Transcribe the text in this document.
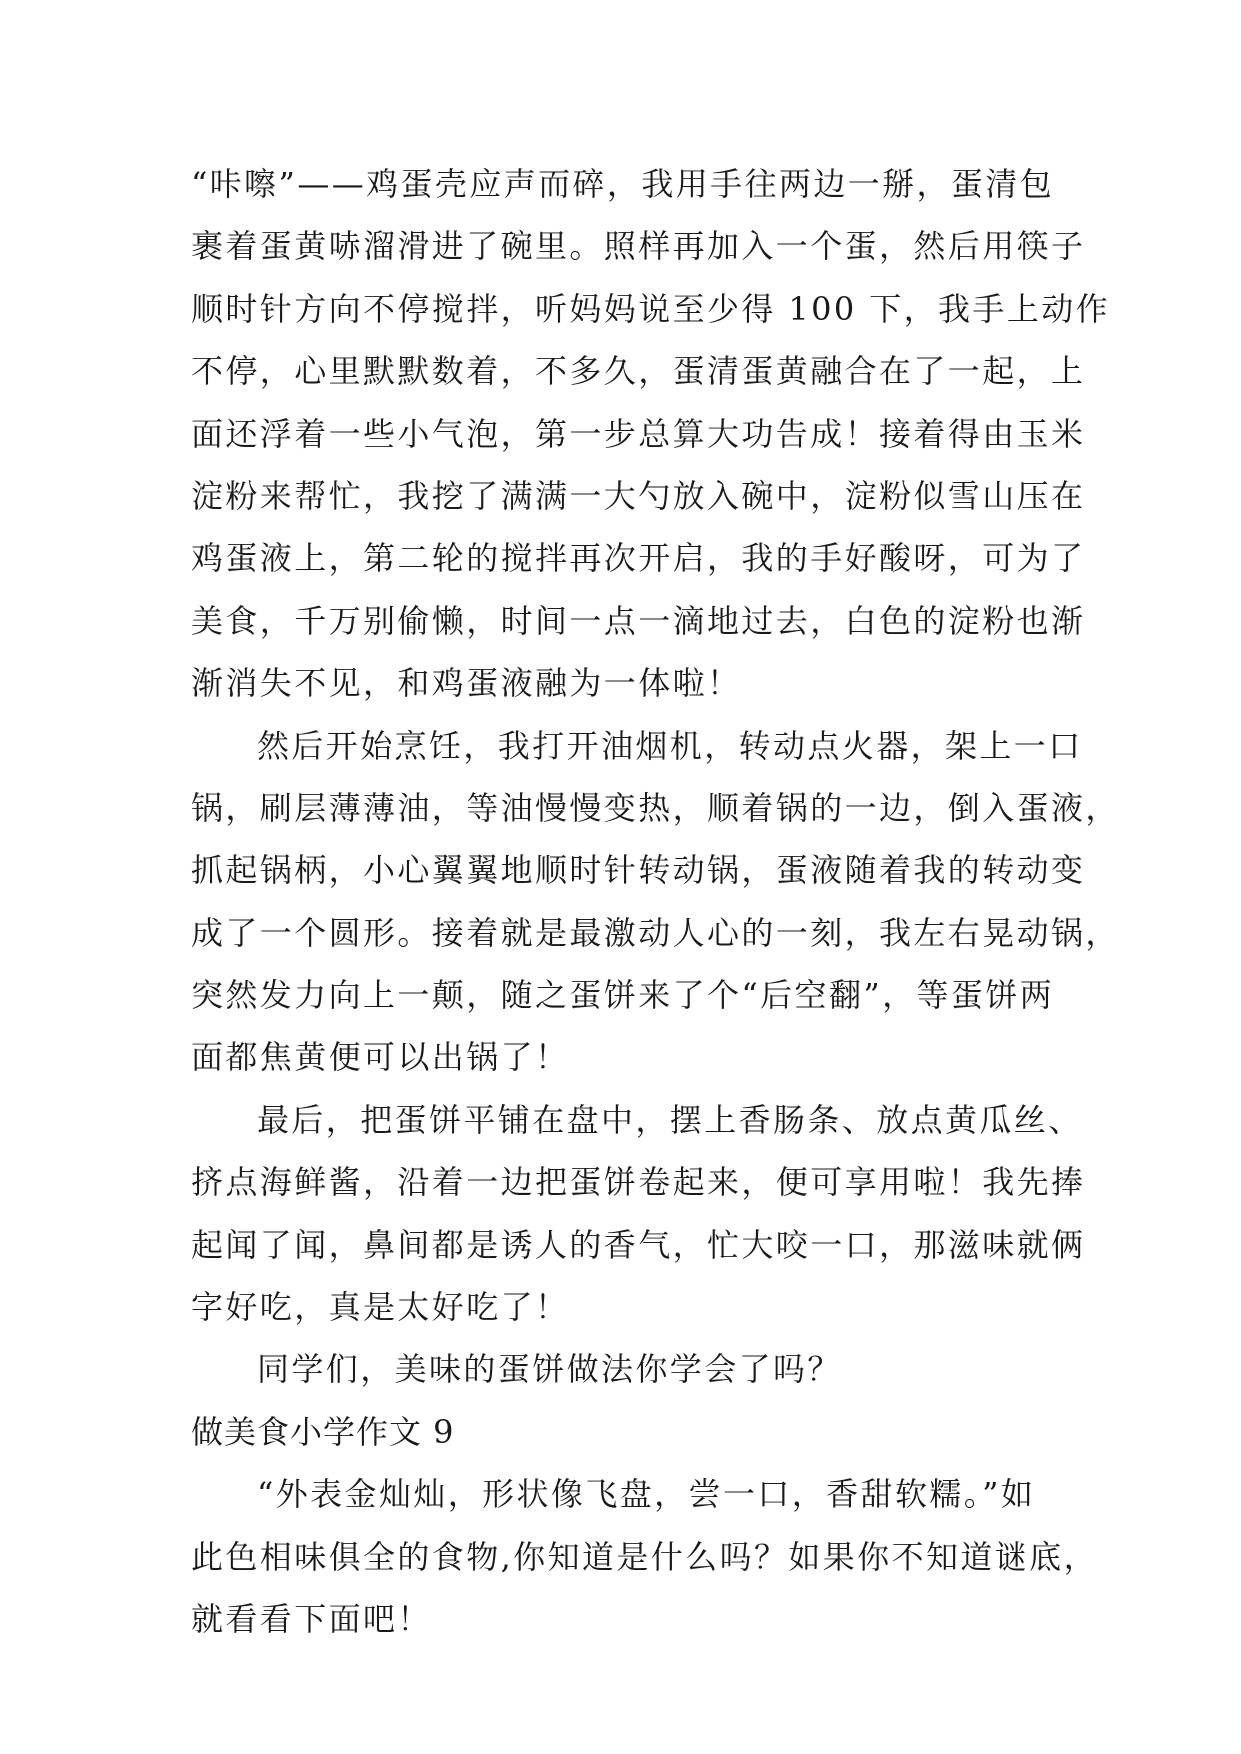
“咔嚓”——鸡蛋壳应声而碎，我用手往两边一掰，蛋清包
裹着蛋黄哧溜滑进了碗里。照样再加入一个蛋，然后用筷子
顺时针方向不停搅拌，听妈妈说至少得 100 下，我手上动作
不停，心里默默数着，不多久，蛋清蛋黄融合在了一起，上
面还浮着一些小气泡，第一步总算大功告成！接着得由玉米
淀粉来帮忙，我挖了满满一大勺放入碗中，淀粉似雪山压在
鸡蛋液上，第二轮的搅拌再次开启，我的手好酸呀，可为了
美食，千万别偷懒，时间一点一滴地过去，白色的淀粉也渐
渐消失不见，和鸡蛋液融为一体啦！
然后开始烹饪，我打开油烟机，转动点火器，架上一口
锅，刷层薄薄油，等油慢慢变热，顺着锅的一边，倒入蛋液，
抓起锅柄，小心翼翼地顺时针转动锅，蛋液随着我的转动变
成了一个圆形。接着就是最激动人心的一刻，我左右晃动锅，
突然发力向上一颠，随之蛋饼来了个“后空翻”，等蛋饼两
面都焦黄便可以出锅了！
最后，把蛋饼平铺在盘中，摆上香肠条、放点黄瓜丝、
挤点海鲜酱，沿着一边把蛋饼卷起来，便可享用啦！我先捧
起闻了闻，鼻间都是诱人的香气，忙大咬一口，那滋味就俩
字好吃，真是太好吃了！
同学们，美味的蛋饼做法你学会了吗？
做美食小学作文 9
“外表金灿灿，形状像飞盘，尝一口，香甜软糯。”如
此色相味俱全的食物,你知道是什么吗？如果你不知道谜底，
就看看下面吧！
